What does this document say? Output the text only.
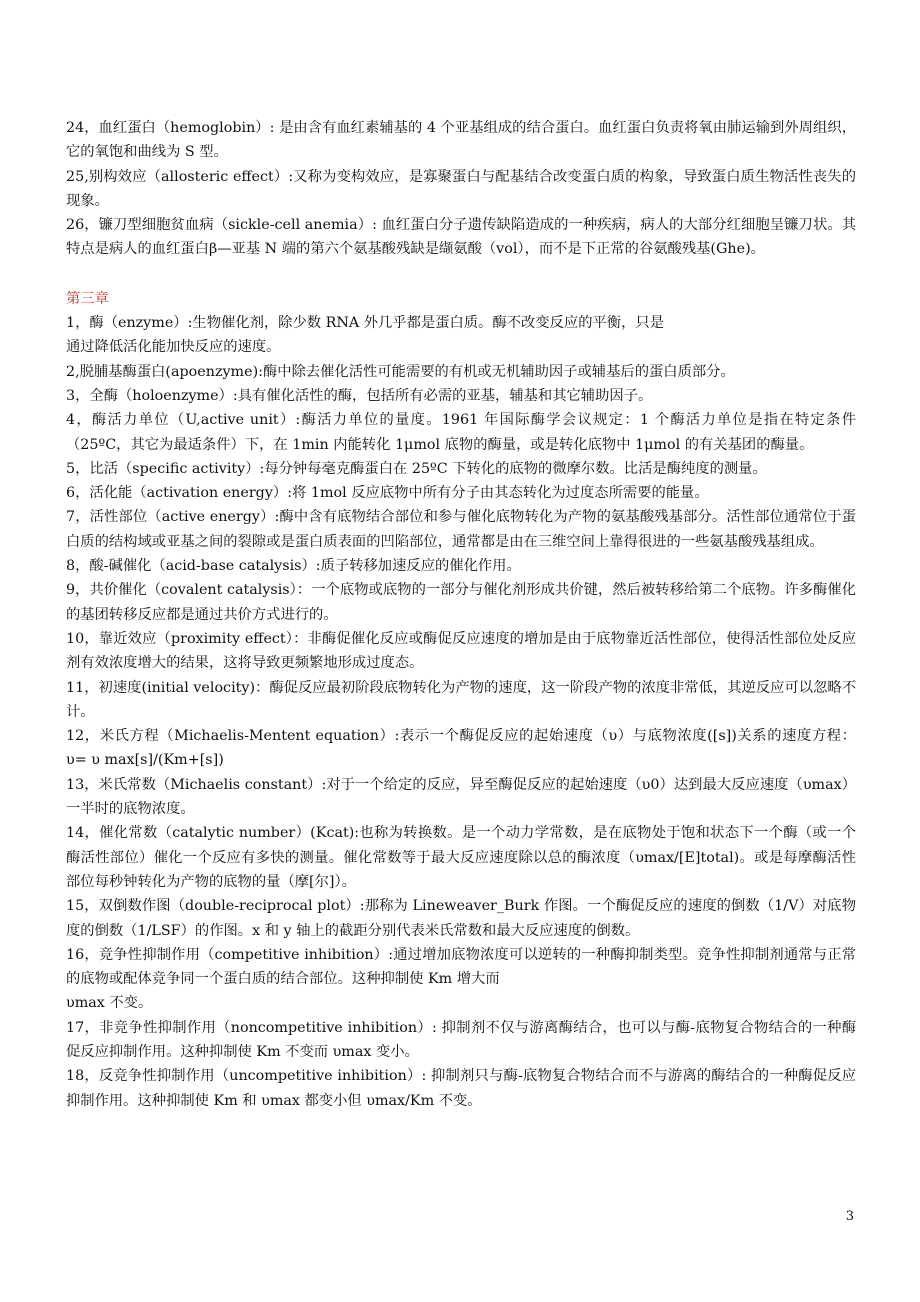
24，血红蛋白（hemoglobin）: 是由含有血红素辅基的 4 个亚基组成的结合蛋白。血红蛋白负责将氧由肺运输到外周组织，它的氧饱和曲线为 S 型。

25,别构效应（allosteric effect）:又称为变构效应，是寡聚蛋白与配基结合改变蛋白质的构象，导致蛋白质生物活性丧失的现象。

26，镰刀型细胞贫血病（sickle-cell anemia）: 血红蛋白分子遗传缺陷造成的一种疾病，病人的大部分红细胞呈镰刀状。其特点是病人的血红蛋白β—亚基 N 端的第六个氨基酸残缺是缬氨酸（vol），而不是下正常的谷氨酸残基(Ghe)。

第三章

1，酶（enzyme）:生物催化剂，除少数 RNA 外几乎都是蛋白质。酶不改变反应的平衡，只是

通过降低活化能加快反应的速度。

2,脱脯基酶蛋白(apoenzyme):酶中除去催化活性可能需要的有机或无机辅助因子或辅基后的蛋白质部分。

3，全酶（holoenzyme）:具有催化活性的酶，包括所有必需的亚基，辅基和其它辅助因子。

4，酶活力单位（U,active unit）:酶活力单位的量度。1961 年国际酶学会议规定：1 个酶活力单位是指在特定条件（25ºC，其它为最适条件）下，在 1min 内能转化 1μmol 底物的酶量，或是转化底物中 1μmol 的有关基团的酶量。

5，比活（specific activity）:每分钟每毫克酶蛋白在 25ºC 下转化的底物的微摩尔数。比活是酶纯度的测量。

6，活化能（activation energy）:将 1mol 反应底物中所有分子由其态转化为过度态所需要的能量。

7，活性部位（active energy）:酶中含有底物结合部位和参与催化底物转化为产物的氨基酸残基部分。活性部位通常位于蛋白质的结构域或亚基之间的裂隙或是蛋白质表面的凹陷部位，通常都是由在三维空间上靠得很进的一些氨基酸残基组成。

8，酸-碱催化（acid-base catalysis）:质子转移加速反应的催化作用。

9，共价催化（covalent catalysis）：一个底物或底物的一部分与催化剂形成共价键，然后被转移给第二个底物。许多酶催化的基团转移反应都是通过共价方式进行的。

10，靠近效应（proximity effect）：非酶促催化反应或酶促反应速度的增加是由于底物靠近活性部位，使得活性部位处反应剂有效浓度增大的结果，这将导致更频繁地形成过度态。

11，初速度(initial velocity)：酶促反应最初阶段底物转化为产物的速度，这一阶段产物的浓度非常低，其逆反应可以忽略不计。

12，米氏方程（Michaelis-Mentent equation）:表示一个酶促反应的起始速度（υ）与底物浓度([s])关系的速度方程： υ= υ max[s]/(Km+[s])

13，米氏常数（Michaelis constant）:对于一个给定的反应，异至酶促反应的起始速度（υ0）达到最大反应速度（υmax）一半时的底物浓度。

14，催化常数（catalytic number）(Kcat):也称为转换数。是一个动力学常数，是在底物处于饱和状态下一个酶（或一个酶活性部位）催化一个反应有多快的测量。催化常数等于最大反应速度除以总的酶浓度（υmax/[E]total)。或是每摩酶活性部位每秒钟转化为产物的底物的量（摩[尔]）。

15，双倒数作图（double-reciprocal plot）:那称为 Lineweaver_Burk 作图。一个酶促反应的速度的倒数（1/V）对底物度的倒数（1/LSF）的作图。x 和 y 轴上的截距分别代表米氏常数和最大反应速度的倒数。

16，竞争性抑制作用（competitive inhibition）:通过增加底物浓度可以逆转的一种酶抑制类型。竞争性抑制剂通常与正常的底物或配体竞争同一个蛋白质的结合部位。这种抑制使 Km 增大而

υmax 不变。

17，非竞争性抑制作用（noncompetitive inhibition）: 抑制剂不仅与游离酶结合，也可以与酶-底物复合物结合的一种酶促反应抑制作用。这种抑制使 Km 不变而 υmax 变小。

18，反竞争性抑制作用（uncompetitive inhibition）: 抑制剂只与酶-底物复合物结合而不与游离的酶结合的一种酶促反应抑制作用。这种抑制使 Km 和 υmax 都变小但 υmax/Km 不变。

3
